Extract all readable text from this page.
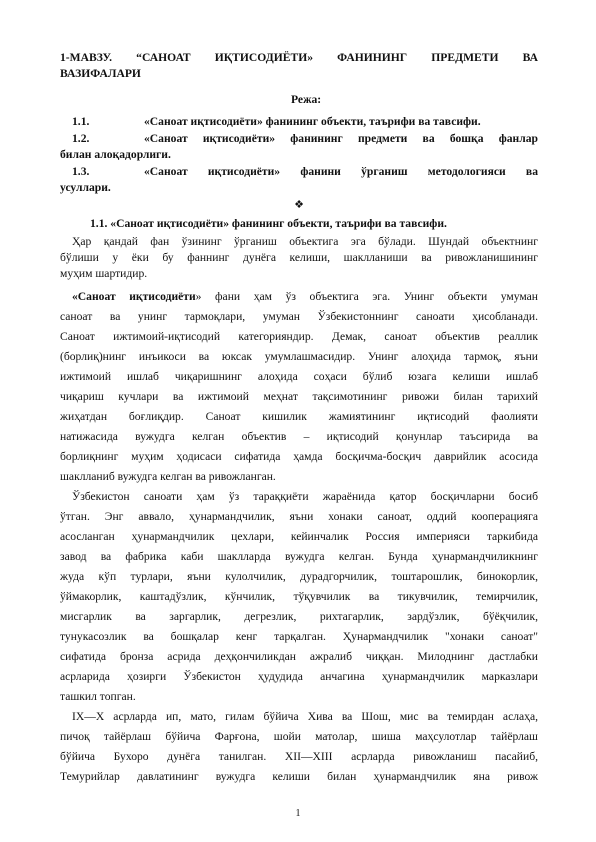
1-МАВЗУ. “САНОАТ ИҚТИСОДИЁТИ» ФАНИНИНГ ПРЕДМЕТИ ВА
ВАЗИФАЛАРИ
Режа:
1.1.	«Саноат иқтисодиёти» фанининг объекти, таърифи ва тавсифи.
1.2.	«Саноат иқтисодиёти» фанининг предмети ва бошқа фанлар
билан алоқадорлиги.
1.3.	«Саноат иқтисодиёти» фанини ўрганиш методологияси ва
усуллари.
❖
1.1. «Саноат иқтисодиёти» фанининг объекти, таърифи ва тавсифи.
Ҳар қандай фан ўзининг ўрганиш объектига эга бўлади. Шундай объектнинг
бўлиши у ёки бу фаннинг дунёга келиши, шаклланиши ва ривожланишининг
муҳим шартидир.
«Саноат иқтисодиёти» фани ҳам ўз объектига эга. Унинг объекти умуман
саноат ва унинг тармоқлари, умуман Ўзбекистоннинг саноати ҳисобланади.
Саноат ижтимоий-иқтисодий категорияндир. Демак, саноат объектив реаллик
(борлиқ)нинг инъикоси ва юксак умумлашмасидир. Унинг алоҳида тармоқ, яъни
ижтимоий ишлаб чиқаришнинг алоҳида соҳаси бўлиб юзага келиши ишлаб
чиқариш кучлари ва ижтимоий меҳнат тақсимотининг ривожи билан тарихий
жиҳатдан боғлиқдир. Саноат кишилик жамиятининг иқтисодий фаолияти
натижасида вужудга келган объектив – иқтисодий қонунлар таъсирида ва
борлиқнинг муҳим ҳодисаси сифатида ҳамда босқичма-босқич даврийлик асосида
шаклланиб вужудга келган ва ривожланган.
Ўзбекистон саноати ҳам ўз тараққиёти жараёнида қатор босқичларни босиб
ўтган. Энг аввало, ҳунармандчилик, яъни хонаки саноат, оддий кооперацияга
асосланган ҳунармандчилик цехлари, кейинчалик Россия империяси таркибида
завод ва фабрика каби шакллардa вужудга келган. Бунда ҳунармандчиликнинг
жуда кўп турлари, яъни кулолчилик, дурадгорчилик, тоштарошлик, бинокорлик,
ўймакорлик, каштадўзлик, кўнчилик, тўқувчилик ва тикувчилик, темирчилик,
мисгарлик ва заргарлик, дегрезлик, рихтагарлик, зардўзлик, бўёқчилик,
тунукасозлик ва бошқалар кенг тарқалган. Ҳунармандчилик "хонаки саноат"
сифатида бронза асрида деҳқончиликдан ажралиб чиққан. Милоднинг дастлабки
асрларида ҳозирги Ўзбекистон ҳудудида анчагина ҳунармандчилик марказлари
ташкил топган.
IX—X асрларда ип, мато, гилам бўйича Хива ва Шош, мис ва темирдан аслаҳа,
пичоқ тайёрлаш бўйича Фарғона, шойи матолар, шиша маҳсулотлар тайёрлаш
бўйича Бухоро дунёга танилган. XII—XIII асрларда ривожланиш пасайиб,
Темурийлар давлатининг вужудга келиши билан ҳунармандчилик яна ривож
1
